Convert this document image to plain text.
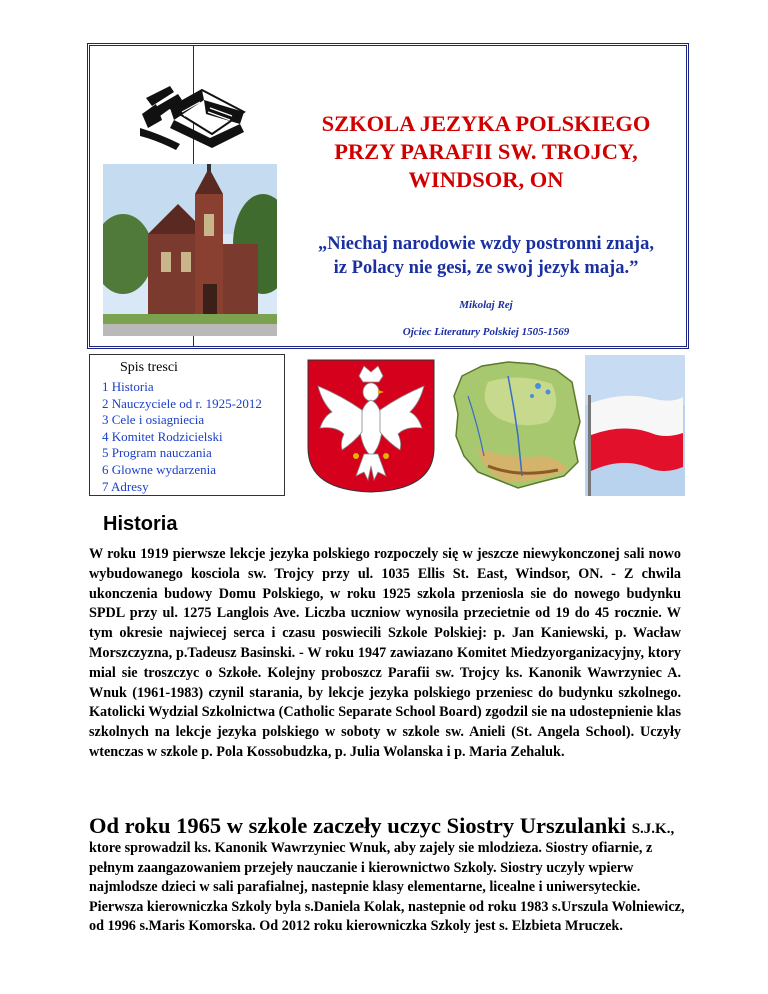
SZKOLA JEZYKA POLSKIEGO
PRZY PARAFII SW. TROJCY,
WINDSOR, ON

„Niechaj narodowie wzdy postronni znaja,
iz Polacy nie gesi, ze swoj jezyk maja.”

Mikolaj Rej

Ojciec Literatury Polskiej 1505-1569

Spis tresci

1 Historia
2 Nauczyciele od r. 1925-2012
3 Cele i osiagniecia
4 Komitet Rodzicielski
5 Program nauczania
6 Glowne wydarzenia
7 Adresy
Historia

W roku 1919 pierwsze lekcje jezyka polskiego rozpoczely się w jeszcze niewykonczonej sali nowo wybudowanego kosciola sw. Trojcy przy ul. 1035 Ellis St. East, Windsor, ON. - Z chwila ukonczenia budowy Domu Polskiego, w roku 1925 szkola przeniosla sie do nowego budynku SPDL przy ul. 1275 Langlois Ave. Liczba uczniow wynosila przecietnie od 19 do 45 rocznie. W tym okresie najwiecej serca i czasu poswiecili Szkole Polskiej: p. Jan Kaniewski, p. Wacław Morszczyzna, p.Tadeusz Basinski. - W roku 1947 zawiazano Komitet Miedzyorganizacyjny, ktory mial sie troszczyc o Szkołe. Kolejny proboszcz Parafii sw. Trojcy ks. Kanonik Wawrzyniec A. Wnuk (1961-1983) czynil starania, by lekcje jezyka polskiego przeniesc do budynku szkolnego. Katolicki Wydzial Szkolnictwa (Catholic Separate School Board) zgodzil sie na udostepnienie klas szkolnych na lekcje jezyka polskiego w soboty w szkole sw. Anieli (St. Angela School). Uczyły wtenczas w szkole p. Pola Kossobudzka, p. Julia Wolanska i p. Maria Zehaluk.

Od roku 1965 w szkole zaczeły uczyc Siostry Urszulanki S.J.K.,

ktore sprowadzil ks. Kanonik Wawrzyniec Wnuk, aby zajely sie mlodzieza. Siostry ofiarnie, z pełnym zaangazowaniem przejeły nauczanie i kierownictwo Szkoly. Siostry uczyly wpierw najmlodsze dzieci w sali parafialnej, nastepnie klasy elementarne, licealne i uniwersyteckie. Pierwsza kierowniczka Szkoly byla s.Daniela Kolak, nastepnie od roku 1983 s.Urszula Wolniewicz, od 1996 s.Maris Komorska. Od 2012 roku kierowniczka Szkoly jest s. Elzbieta Mruczek.
